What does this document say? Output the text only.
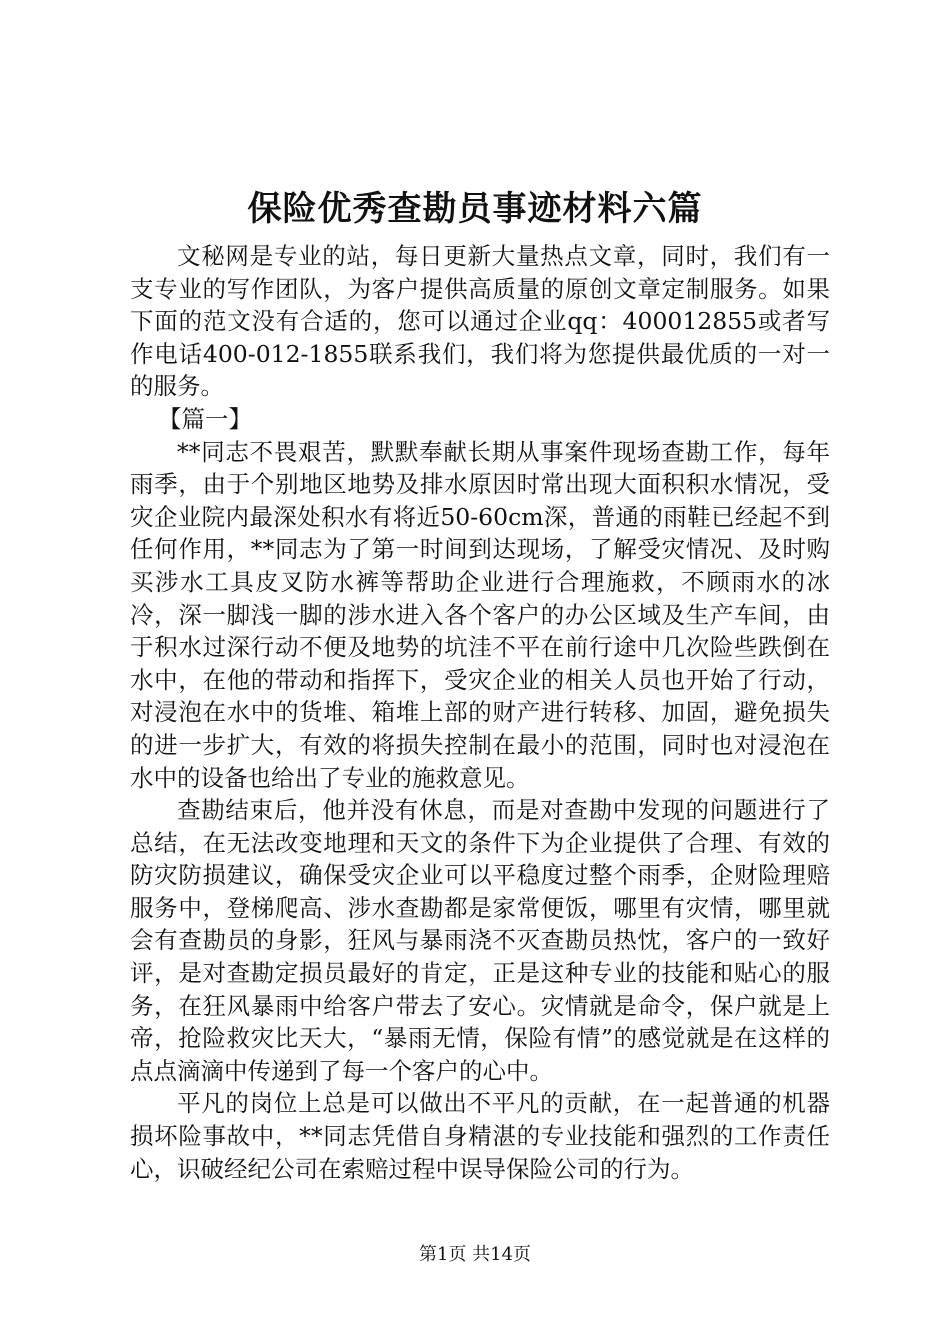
保险优秀查勘员事迹材料六篇

文秘网是专业的站，每日更新大量热点文章，同时，我们有一支专业的写作团队，为客户提供高质量的原创文章定制服务。如果下面的范文没有合适的，您可以通过企业qq：400012855或者写作电话400-012-1855联系我们，我们将为您提供最优质的一对一的服务。

【篇一】

**同志不畏艰苦，默默奉献长期从事案件现场查勘工作，每年雨季，由于个别地区地势及排水原因时常出现大面积积水情况，受灾企业院内最深处积水有将近50-60cm深，普通的雨鞋已经起不到任何作用，**同志为了第一时间到达现场，了解受灾情况、及时购买涉水工具皮叉防水裤等帮助企业进行合理施救，不顾雨水的冰冷，深一脚浅一脚的涉水进入各个客户的办公区域及生产车间，由于积水过深行动不便及地势的坑洼不平在前行途中几次险些跌倒在水中，在他的带动和指挥下，受灾企业的相关人员也开始了行动，对浸泡在水中的货堆、箱堆上部的财产进行转移、加固，避免损失的进一步扩大，有效的将损失控制在最小的范围，同时也对浸泡在水中的设备也给出了专业的施救意见。

查勘结束后，他并没有休息，而是对查勘中发现的问题进行了总结，在无法改变地理和天文的条件下为企业提供了合理、有效的防灾防损建议，确保受灾企业可以平稳度过整个雨季，企财险理赔服务中，登梯爬高、涉水查勘都是家常便饭，哪里有灾情，哪里就会有查勘员的身影，狂风与暴雨浇不灭查勘员热忱，客户的一致好评，是对查勘定损员最好的肯定，正是这种专业的技能和贴心的服务，在狂风暴雨中给客户带去了安心。灾情就是命令，保户就是上帝，抢险救灾比天大，“暴雨无情，保险有情”的感觉就是在这样的点点滴滴中传递到了每一个客户的心中。

平凡的岗位上总是可以做出不平凡的贡献，在一起普通的机器损坏险事故中，**同志凭借自身精湛的专业技能和强烈的工作责任心，识破经纪公司在索赔过程中误导保险公司的行为。

第1页 共14页
